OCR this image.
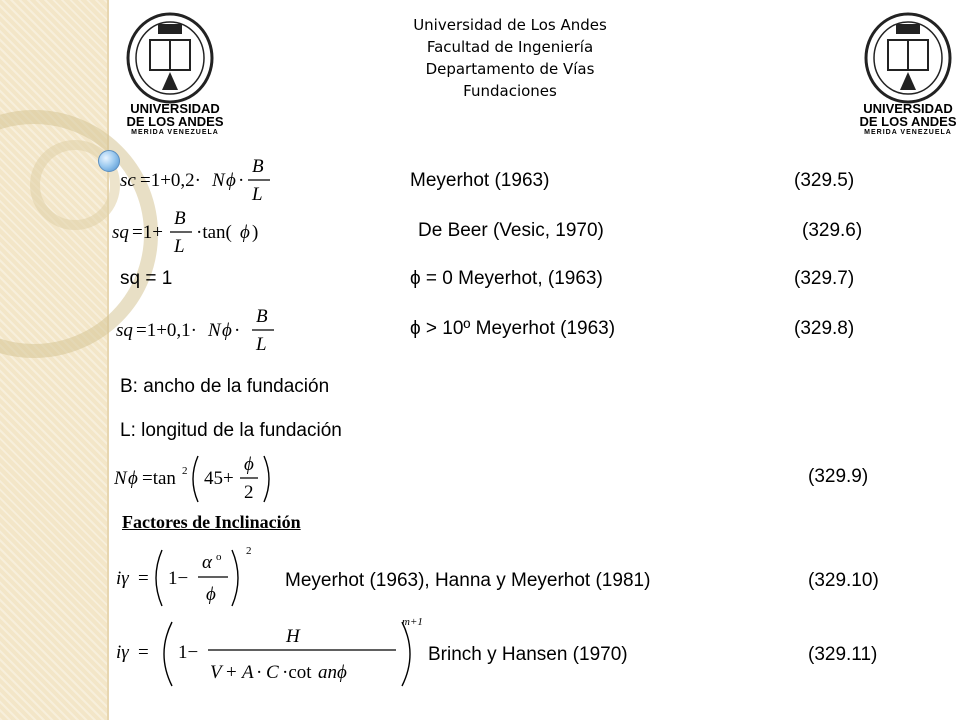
UNIVERSIDAD
DE LOS ANDES
MERIDA VENEZUELA
UNIVERSIDAD
DE LOS ANDES
MERIDA VENEZUELA
Universidad de Los Andes
Facultad de Ingeniería
Departamento de Vías
Fundaciones
sc =1+0,2· N ϕ ·
B
L
Meyerhot (1963)	(329.5)
sq =1+
B
L
·tan( ϕ )	De Beer (Vesic, 1970)	(329.6)
sq = 1	ϕ = 0 Meyerhot, (1963)	(329.7)
sq =1+0,1· N ϕ ·
B
L
ϕ > 10º Meyerhot (1963)	(329.8)
B: ancho de la fundación
L: longitud de la fundación
N ϕ =tan 2 45+
ϕ
2
(329.9)
Factores de Inclinación
iγ = 1−
α o
ϕ
2
Meyerhot (1963), Hanna y Meyerhot (1981)	(329.10)
iγ = 1−
H
V + A · C ·cot anϕ
m+1
Brinch y Hansen (1970)	(329.11)
